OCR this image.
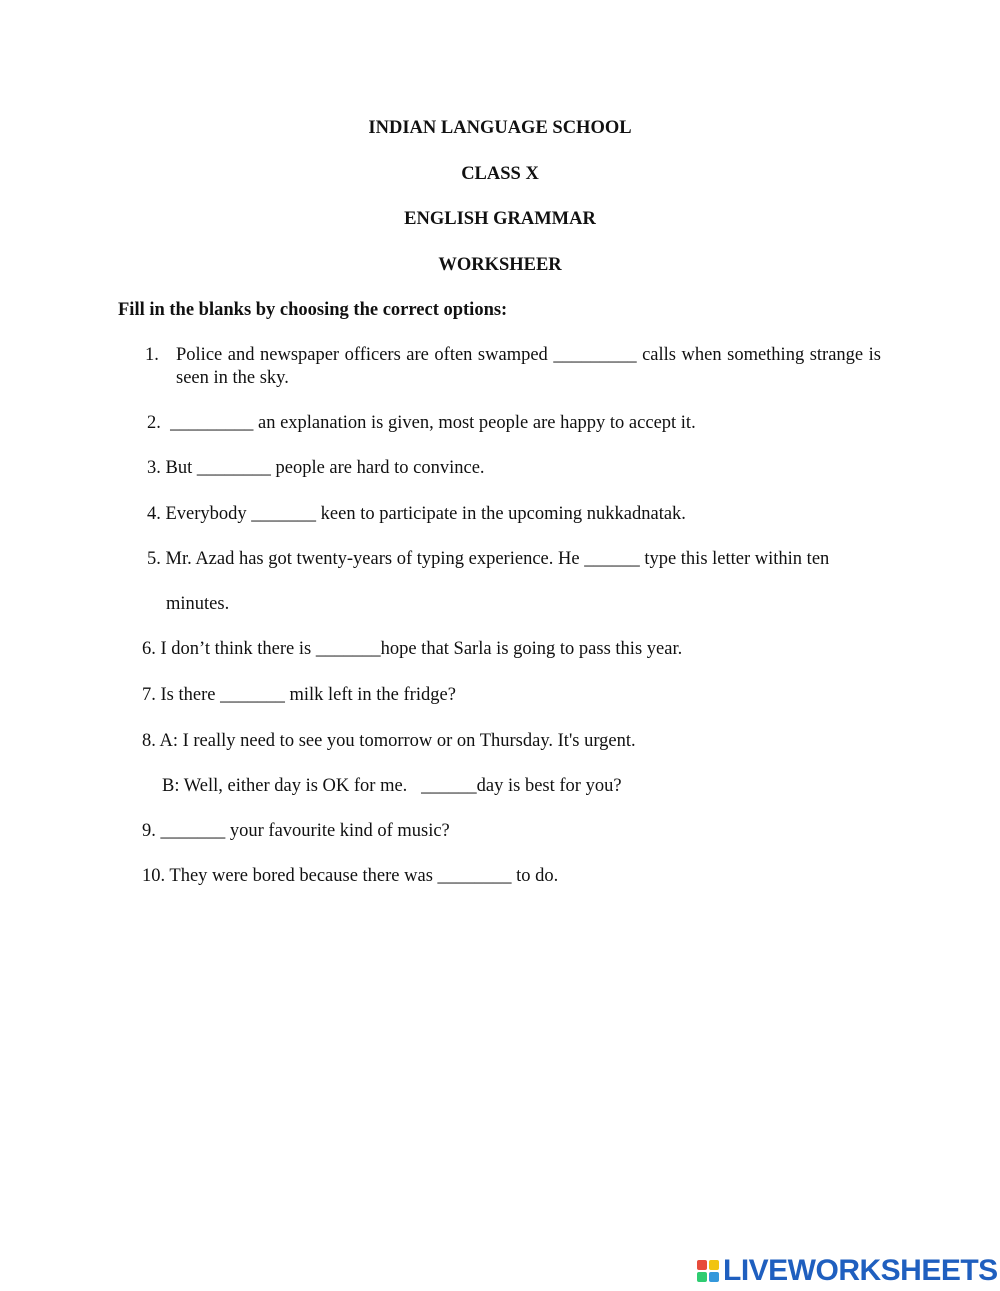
INDIAN LANGUAGE SCHOOL
CLASS X
ENGLISH GRAMMAR
WORKSHEER
Fill in the blanks by choosing the correct options:
1. Police and newspaper officers are often swamped _________ calls when something strange is seen in the sky.
2.  _________ an explanation is given, most people are happy to accept it.
3. But ________ people are hard to convince.
4. Everybody _______ keen to participate in the upcoming nukkadnatak.
5. Mr. Azad has got twenty-years of typing experience. He ______ type this letter within ten
minutes.
6. I don’t think there is _______hope that Sarla is going to pass this year.
7. Is there _______ milk left in the fridge?
8. A: I really need to see you tomorrow or on Thursday. It's urgent.
B: Well, either day is OK for me.   ______day is best for you?
9. _______ your favourite kind of music?
10. They were bored because there was ________ to do.
LIVEWORKSHEETS
